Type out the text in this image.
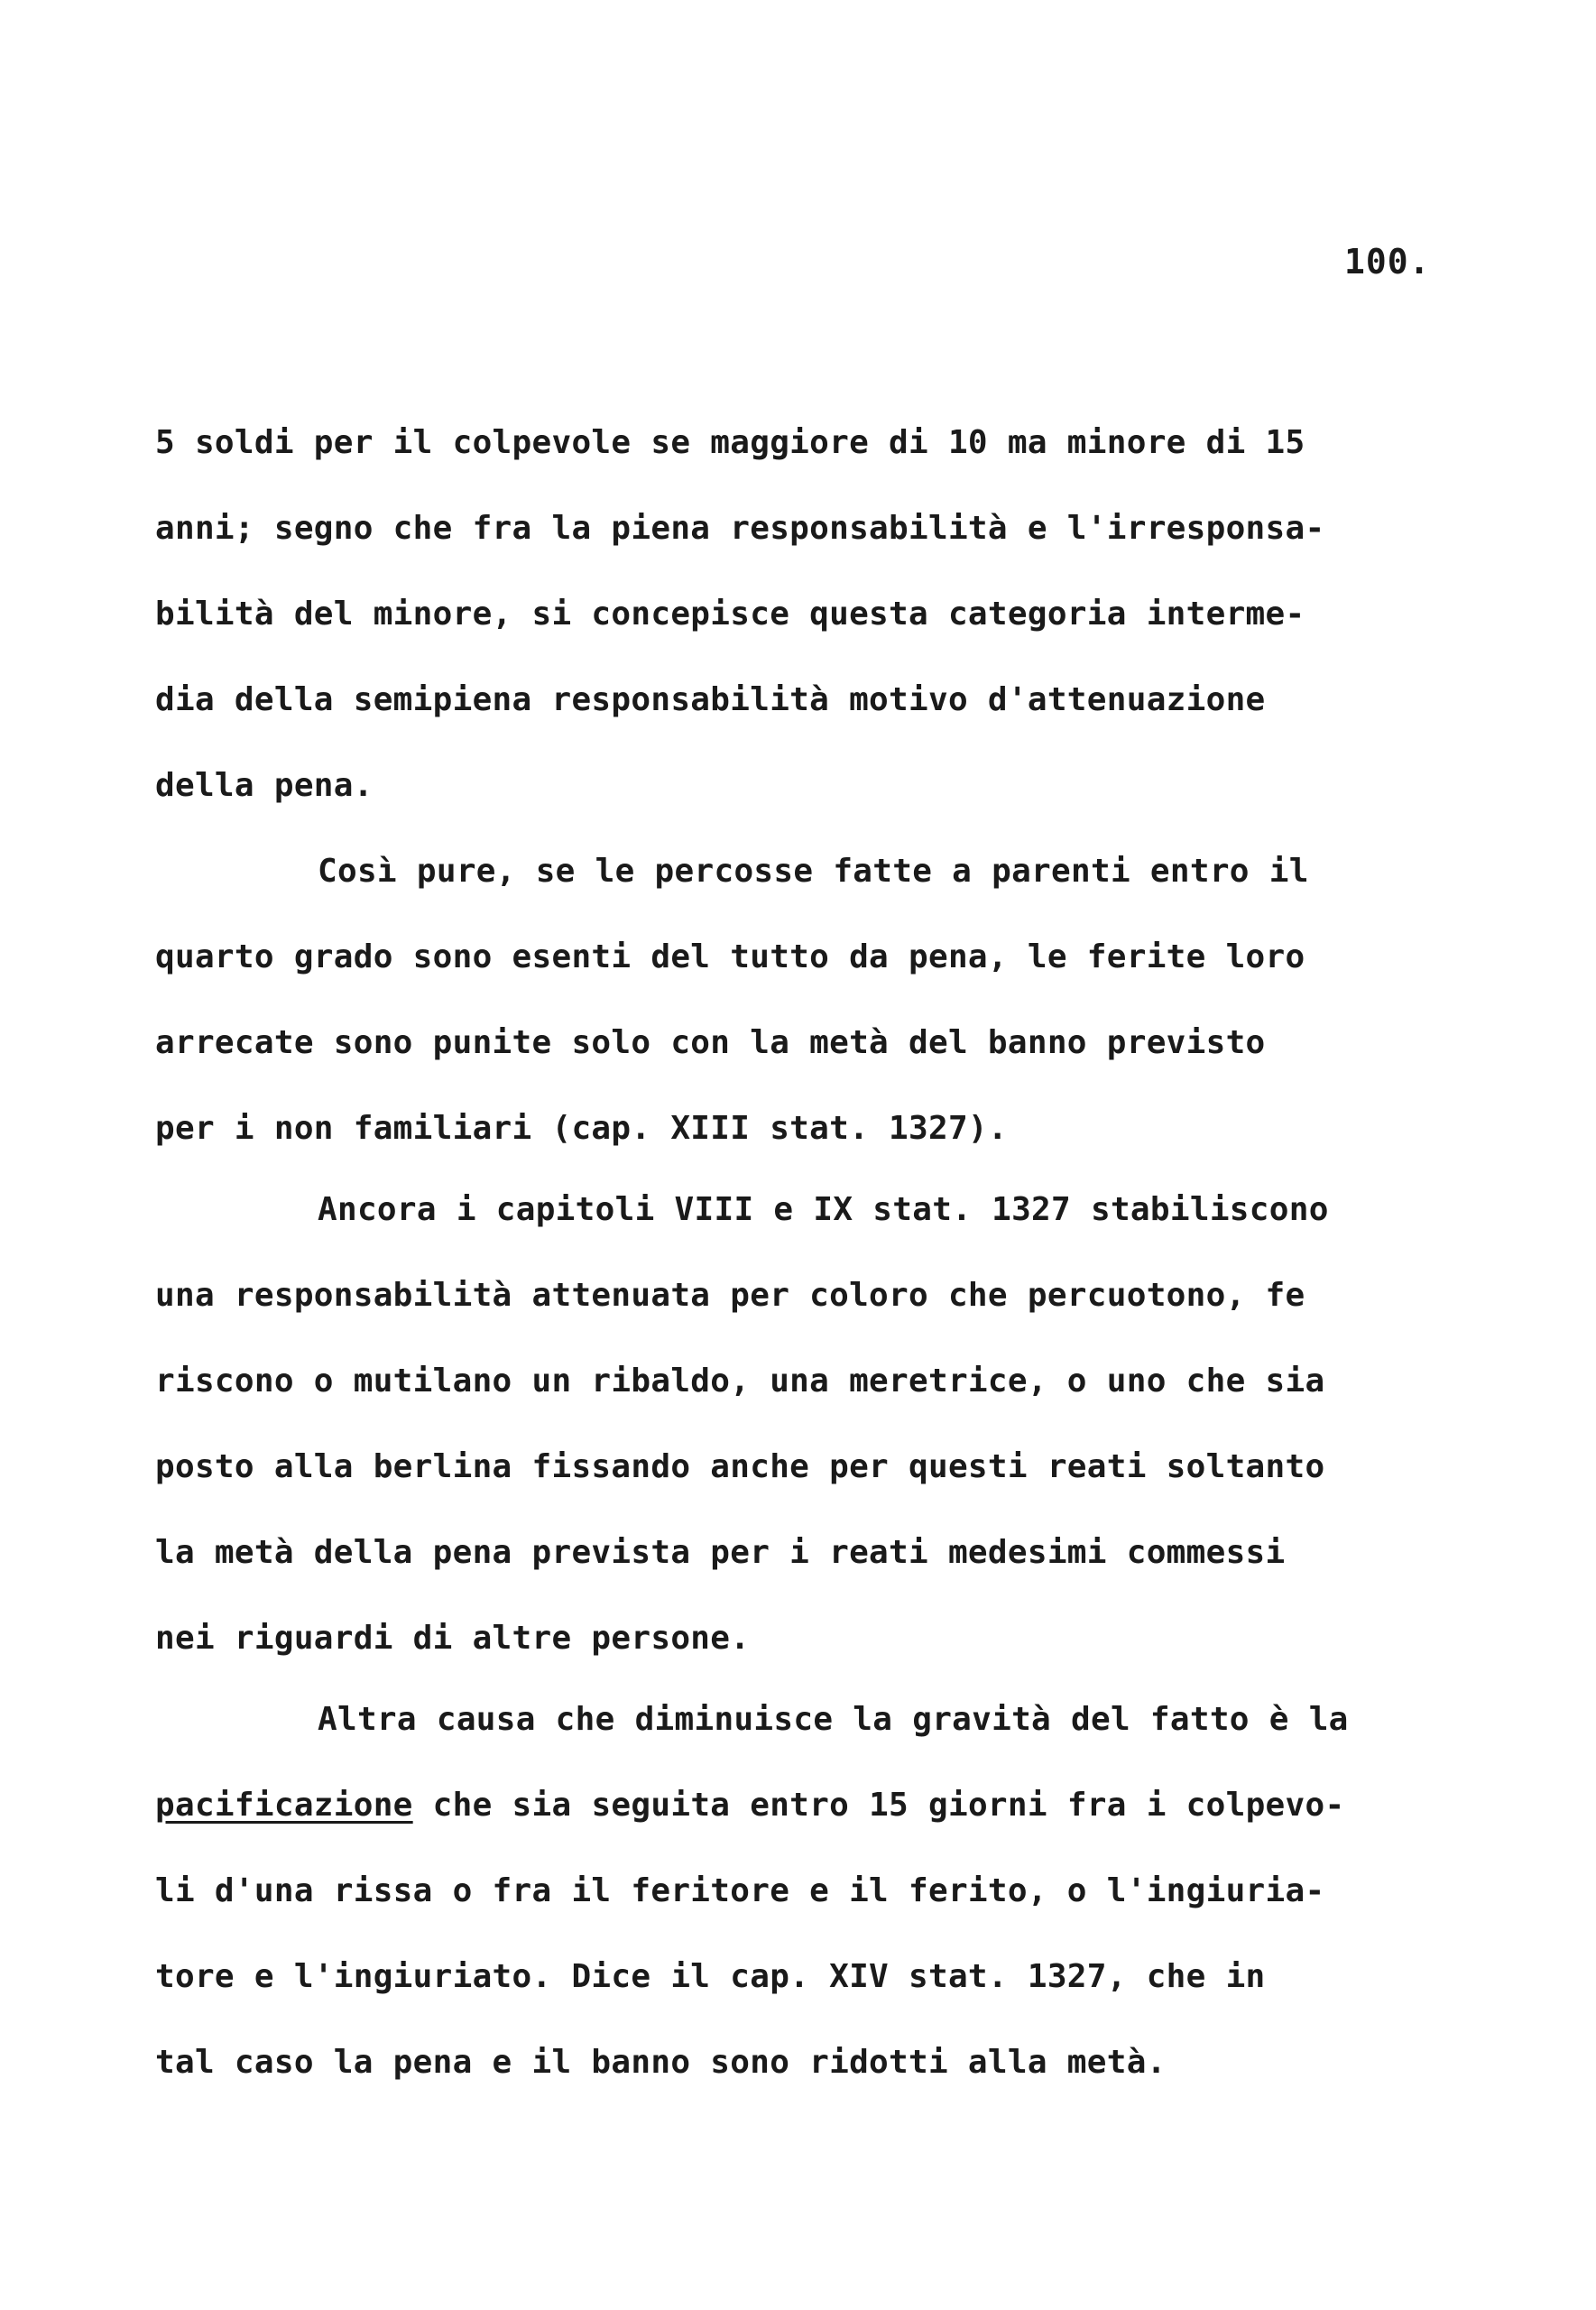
100.
5 soldi per il colpevole se maggiore di 10 ma minore di 15
anni; segno che fra la piena responsabilità e l'irresponsa-
bilità del minore, si concepisce questa categoria interme-
dia della semipiena responsabilità motivo d'attenuazione
della pena.
Così pure, se le percosse fatte a parenti entro il
quarto grado sono esenti del tutto da pena, le ferite loro
arrecate sono punite solo con la metà del banno previsto
per i non familiari (cap. XIII stat. 1327).
Ancora i capitoli VIII e IX stat. 1327 stabiliscono
una responsabilità attenuata per coloro che percuotono, fe
riscono o mutilano un ribaldo, una meretrice, o uno che sia
posto alla berlina fissando anche per questi reati soltanto
la metà della pena prevista per i reati medesimi commessi
nei riguardi di altre persone.
Altra causa che diminuisce la gravità del fatto è la
pacificazione che sia seguita entro 15 giorni fra i colpevo-
li d'una rissa o fra il feritore e il ferito, o l'ingiuria-
tore e l'ingiuriato. Dice il cap. XIV stat. 1327, che in
tal caso la pena e il banno sono ridotti alla metà.
